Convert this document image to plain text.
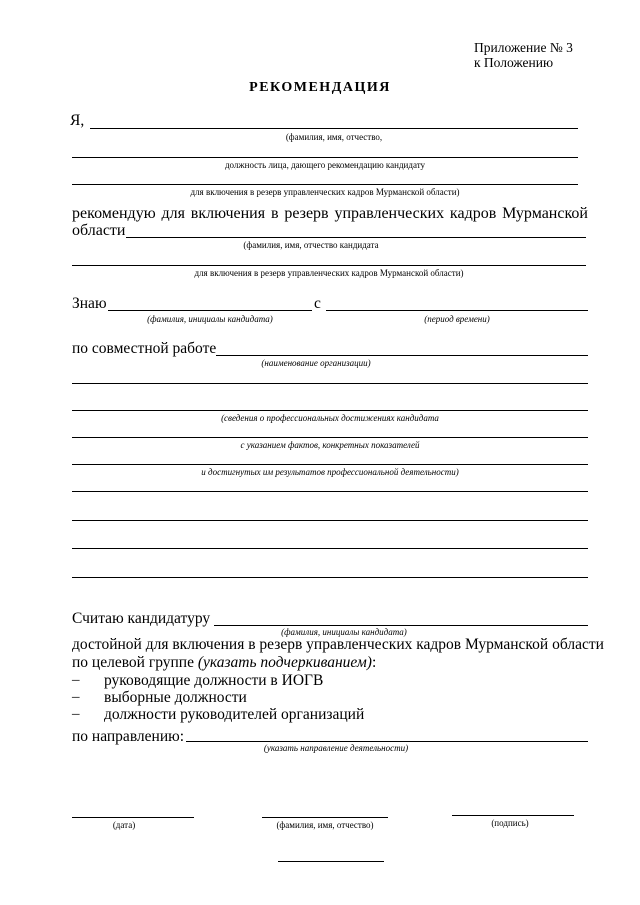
Приложение № 3
к Положению
РЕКОМЕНДАЦИЯ
Я,
(фамилия, имя, отчество,
должность лица, дающего рекомендацию кандидату
для включения в резерв управленческих кадров Мурманской области)
рекомендую для включения в резерв управленческих кадров Мурманской
области
(фамилия, имя, отчество кандидата
для включения в резерв управленческих кадров Мурманской области)
Знаю
(фамилия, инициалы кандидата)
с
(период времени)
по совместной работе
(наименование организации)
(сведения о профессиональных достижениях кандидата
с указанием фактов, конкретных показателей
и достигнутых им результатов профессиональной деятельности)
Считаю кандидатуру
(фамилия, инициалы кандидата)
достойной для включения в резерв управленческих кадров Мурманской области
по целевой группе (указать подчеркиванием):
– руководящие должности в ИОГВ
– выборные должности
– должности руководителей организаций
по направлению:
(указать направление деятельности)
(дата)	(фамилия, имя, отчество)	(подпись)
